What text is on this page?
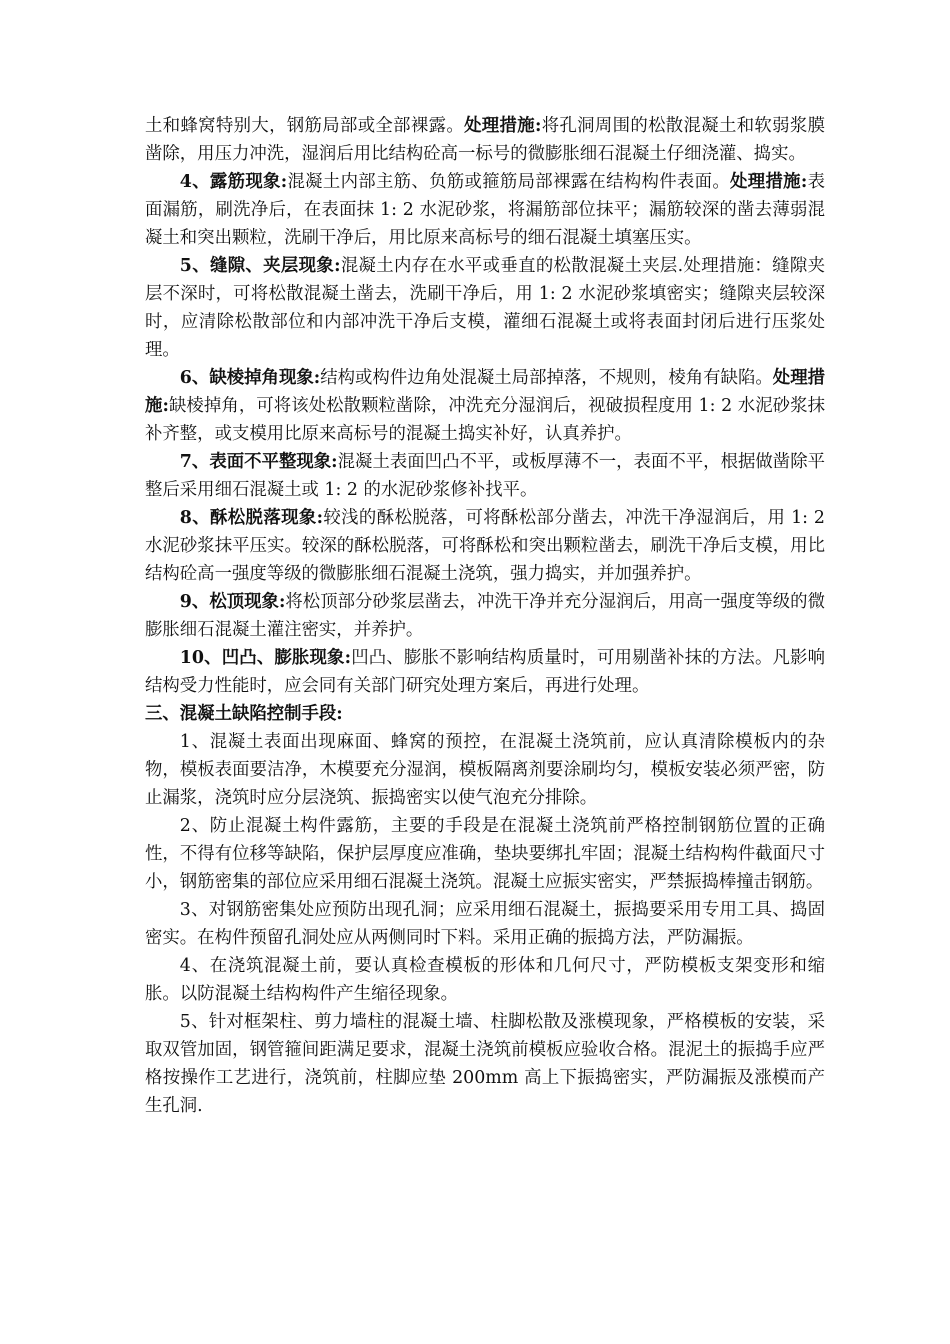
土和蜂窝特别大，钢筋局部或全部裸露。处理措施:将孔洞周围的松散混凝土和软弱浆膜凿除，用压力冲洗，湿润后用比结构砼高一标号的微膨胀细石混凝土仔细浇灌、捣实。

4、露筋现象:混凝土内部主筋、负筋或箍筋局部裸露在结构构件表面。处理措施:表面漏筋，刷洗净后，在表面抹 1: 2 水泥砂浆，将漏筋部位抹平；漏筋较深的凿去薄弱混凝土和突出颗粒，洗刷干净后，用比原来高标号的细石混凝土填塞压实。

5、缝隙、夹层现象:混凝土内存在水平或垂直的松散混凝土夹层.处理措施：缝隙夹层不深时，可将松散混凝土凿去，洗刷干净后，用 1: 2 水泥砂浆填密实；缝隙夹层较深时，应清除松散部位和内部冲洗干净后支模，灌细石混凝土或将表面封闭后进行压浆处理。

6、缺棱掉角现象:结构或构件边角处混凝土局部掉落，不规则，棱角有缺陷。处理措施:缺棱掉角，可将该处松散颗粒凿除，冲洗充分湿润后，视破损程度用 1: 2 水泥砂浆抹补齐整，或支模用比原来高标号的混凝土捣实补好，认真养护。

7、表面不平整现象:混凝土表面凹凸不平，或板厚薄不一，表面不平，根据做凿除平整后采用细石混凝土或 1: 2 的水泥砂浆修补找平。

8、酥松脱落现象:较浅的酥松脱落，可将酥松部分凿去，冲洗干净湿润后，用 1: 2 水泥砂浆抹平压实。较深的酥松脱落，可将酥松和突出颗粒凿去，刷洗干净后支模，用比结构砼高一强度等级的微膨胀细石混凝土浇筑，强力捣实，并加强养护。

9、松顶现象:将松顶部分砂浆层凿去，冲洗干净并充分湿润后，用高一强度等级的微膨胀细石混凝土灌注密实，并养护。

10、凹凸、膨胀现象:凹凸、膨胀不影响结构质量时，可用剔凿补抹的方法。凡影响结构受力性能时，应会同有关部门研究处理方案后，再进行处理。

三、混凝土缺陷控制手段:

1、混凝土表面出现麻面、蜂窝的预控，在混凝土浇筑前，应认真清除模板内的杂物，模板表面要洁净，木模要充分湿润，模板隔离剂要涂刷均匀，模板安装必须严密，防止漏浆，浇筑时应分层浇筑、振捣密实以使气泡充分排除。

2、防止混凝土构件露筋，主要的手段是在混凝土浇筑前严格控制钢筋位置的正确性，不得有位移等缺陷，保护层厚度应准确，垫块要绑扎牢固；混凝土结构构件截面尺寸小，钢筋密集的部位应采用细石混凝土浇筑。混凝土应振实密实，严禁振捣棒撞击钢筋。

3、对钢筋密集处应预防出现孔洞；应采用细石混凝土，振捣要采用专用工具、捣固密实。在构件预留孔洞处应从两侧同时下料。采用正确的振捣方法，严防漏振。

4、在浇筑混凝土前，要认真检查模板的形体和几何尺寸，严防模板支架变形和缩胀。以防混凝土结构构件产生缩径现象。

5、针对框架柱、剪力墙柱的混凝土墙、柱脚松散及涨模现象，严格模板的安装，采取双管加固，钢管箍间距满足要求，混凝土浇筑前模板应验收合格。混泥土的振捣手应严格按操作工艺进行，浇筑前，柱脚应垫 200mm 高上下振捣密实，严防漏振及涨模而产生孔洞.
